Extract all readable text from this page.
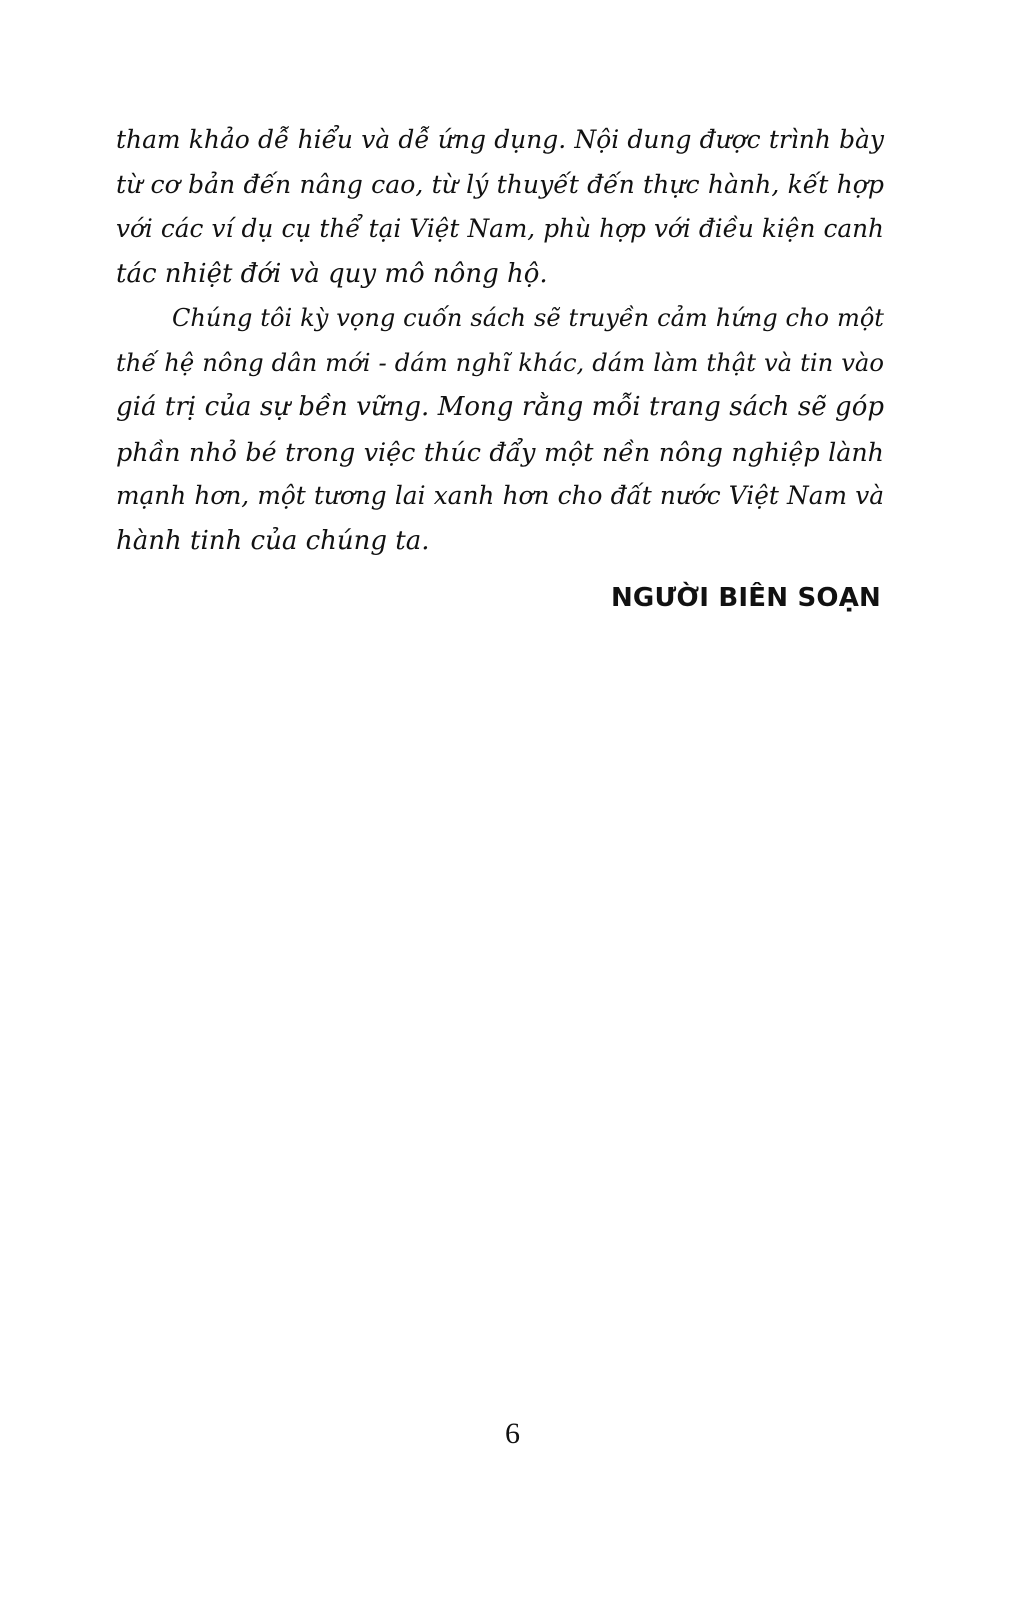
tham khảo dễ hiểu và dễ ứng dụng. Nội dung được trình bày
từ cơ bản đến nâng cao, từ lý thuyết đến thực hành, kết hợp
với các ví dụ cụ thể tại Việt Nam, phù hợp với điều kiện canh
tác nhiệt đới và quy mô nông hộ.

Chúng tôi kỳ vọng cuốn sách sẽ truyền cảm hứng cho một
thế hệ nông dân mới - dám nghĩ khác, dám làm thật và tin vào
giá trị của sự bền vững. Mong rằng mỗi trang sách sẽ góp
phần nhỏ bé trong việc thúc đẩy một nền nông nghiệp lành
mạnh hơn, một tương lai xanh hơn cho đất nước Việt Nam và
hành tinh của chúng ta.

NGƯỜI BIÊN SOẠN
6
